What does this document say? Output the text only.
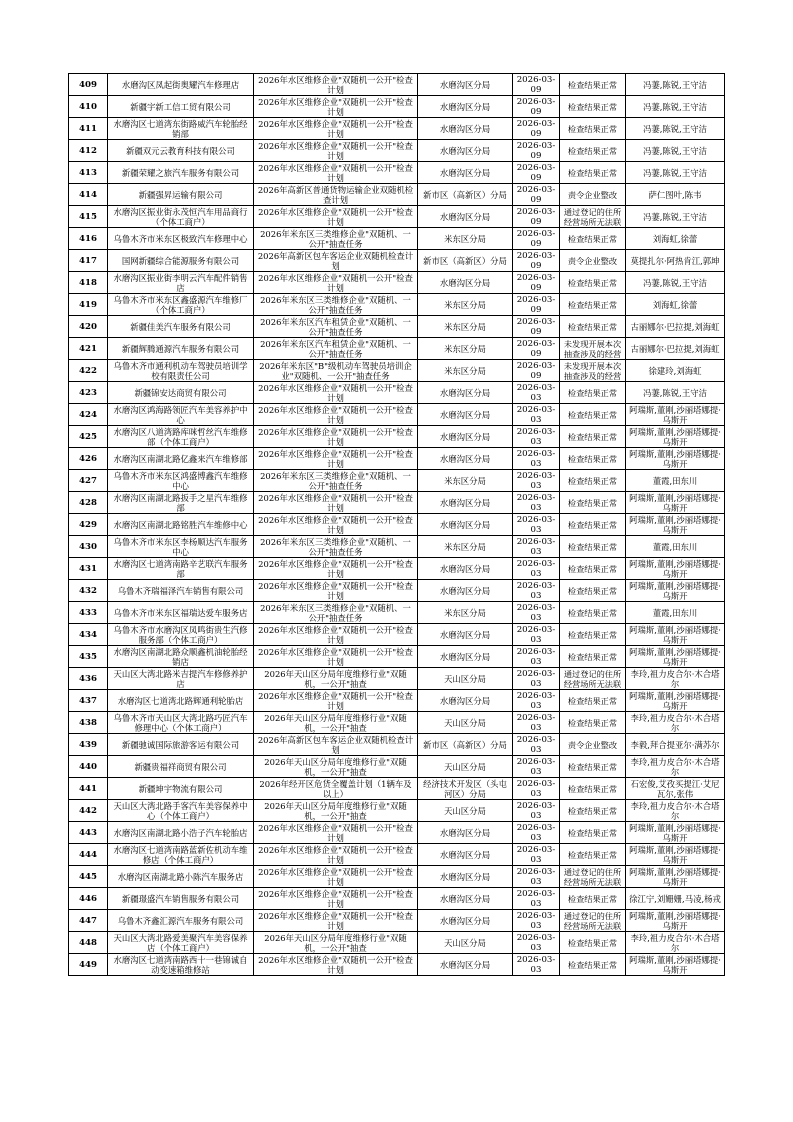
409	水磨沟区凤起街奥耀汽车修理店	2026年水区维修企业"双随机一公开"检查计划	水磨沟区分局	2026-03-09	检查结果正常	冯萋,陈锐,王守洁
410	新疆宇新工信工贸有限公司	2026年水区维修企业"双随机一公开"检查计划	水磨沟区分局	2026-03-09	检查结果正常	冯萋,陈锐,王守洁
411	水磨沟区七道湾东街路威汽车轮胎经销部	2026年水区维修企业"双随机一公开"检查计划	水磨沟区分局	2026-03-09	检查结果正常	冯萋,陈锐,王守洁
412	新疆双元云教育科技有限公司	2026年水区维修企业"双随机一公开"检查计划	水磨沟区分局	2026-03-09	检查结果正常	冯萋,陈锐,王守洁
413	新疆荣耀之旅汽车服务有限公司	2026年水区维修企业"双随机一公开"检查计划	水磨沟区分局	2026-03-09	检查结果正常	冯萋,陈锐,王守洁
414	新疆强昇运输有限公司	2026年高新区普通货物运输企业双随机检查计划	新市区（高新区）分局	2026-03-09	责令企业整改	萨仁图叶,陈韦
415	水磨沟区振业街永茂恒汽车用品商行（个体工商户）	2026年水区维修企业"双随机一公开"检查计划	水磨沟区分局	2026-03-09	通过登记的住所经营场所无法联	冯萋,陈锐,王守洁
416	乌鲁木齐市米东区极致汽车修理中心	2026年米东区三类维修企业"双随机、一公开"抽查任务	米东区分局	2026-03-09	检查结果正常	刘海虹,徐蕾
417	国网新疆综合能源服务有限公司	2026年高新区包车客运企业双随机检查计划	新市区（高新区）分局	2026-03-09	责令企业整改	莫提扎尔·阿热肯江,郭坤
418	水磨沟区振业街李明云汽车配件销售店	2026年水区维修企业"双随机一公开"检查计划	水磨沟区分局	2026-03-09	检查结果正常	冯萋,陈锐,王守洁
419	乌鲁木齐市米东区鑫盛源汽车维修厂（个体工商户）	2026年米东区三类维修企业"双随机、一公开"抽查任务	米东区分局	2026-03-09	检查结果正常	刘海虹,徐蕾
420	新疆佳美汽车服务有限公司	2026年米东区汽车租赁企业"双随机、一公开"抽查任务	米东区分局	2026-03-09	检查结果正常	古丽娜尔·巴拉提,刘海虹
421	新疆辉腾通源汽车服务有限公司	2026年米东区汽车租赁企业"双随机、一公开"抽查任务	米东区分局	2026-03-09	未发现开展本次抽查涉及的经营	古丽娜尔·巴拉提,刘海虹
422	乌鲁木齐市通利机动车驾驶员培训学校有限责任公司	2026年米东区"B"级机动车驾驶员培训企业"双随机、一公开"抽查任务	米东区分局	2026-03-09	未发现开展本次抽查涉及的经营	徐建玲,刘海虹
423	新疆锦安达商贸有限公司	2026年水区维修企业"双随机一公开"检查计划	水磨沟区分局	2026-03-03	检查结果正常	冯萋,陈锐,王守洁
424	水磨沟区鸿海路领匠汽车美容养护中心	2026年水区维修企业"双随机一公开"检查计划	水磨沟区分局	2026-03-03	检查结果正常	阿瑞斯,董刚,沙丽塔娜提·乌斯开
425	水磨沟区八道湾路库咪哲丝汽车维修部（个体工商户）	2026年水区维修企业"双随机一公开"检查计划	水磨沟区分局	2026-03-03	检查结果正常	阿瑞斯,董刚,沙丽塔娜提·乌斯开
426	水磨沟区南湖北路亿鑫来汽车维修部	2026年水区维修企业"双随机一公开"检查计划	水磨沟区分局	2026-03-03	检查结果正常	阿瑞斯,董刚,沙丽塔娜提·乌斯开
427	乌鲁木齐市米东区鸿盛博鑫汽车维修中心	2026年米东区三类维修企业"双随机、一公开"抽查任务	米东区分局	2026-03-03	检查结果正常	董霞,田东川
428	水磨沟区南湖北路扳手之星汽车维修部	2026年水区维修企业"双随机一公开"检查计划	水磨沟区分局	2026-03-03	检查结果正常	阿瑞斯,董刚,沙丽塔娜提·乌斯开
429	水磨沟区南湖北路铭胜汽车维修中心	2026年水区维修企业"双随机一公开"检查计划	水磨沟区分局	2026-03-03	检查结果正常	阿瑞斯,董刚,沙丽塔娜提·乌斯开
430	乌鲁木齐市米东区李杨顺达汽车服务中心	2026年米东区三类维修企业"双随机、一公开"抽查任务	米东区分局	2026-03-03	检查结果正常	董霞,田东川
431	水磨沟区七道湾南路辛艺联汽车服务部	2026年水区维修企业"双随机一公开"检查计划	水磨沟区分局	2026-03-03	检查结果正常	阿瑞斯,董刚,沙丽塔娜提·乌斯开
432	乌鲁木齐瑞福泽汽车销售有限公司	2026年水区维修企业"双随机一公开"检查计划	水磨沟区分局	2026-03-03	检查结果正常	阿瑞斯,董刚,沙丽塔娜提·乌斯开
433	乌鲁木齐市米东区福瑞达爱车服务店	2026年米东区三类维修企业"双随机、一公开"抽查任务	米东区分局	2026-03-03	检查结果正常	董霞,田东川
434	乌鲁木齐市水磨沟区凤鸣街贵生汽修服务部（个体工商户）	2026年水区维修企业"双随机一公开"检查计划	水磨沟区分局	2026-03-03	检查结果正常	阿瑞斯,董刚,沙丽塔娜提·乌斯开
435	水磨沟区南湖北路众顺鑫机油轮胎经销店	2026年水区维修企业"双随机一公开"检查计划	水磨沟区分局	2026-03-03	检查结果正常	阿瑞斯,董刚,沙丽塔娜提·乌斯开
436	天山区大湾北路米吉提汽车修修养护店	2026年天山区分局年度维修行业"双随机，一公开"抽查	天山区分局	2026-03-03	通过登记的住所经营场所无法联	李玲,祖力皮合尔·木合塔尔
437	水磨沟区七道湾北路辉通利轮胎店	2026年水区维修企业"双随机一公开"检查计划	水磨沟区分局	2026-03-03	检查结果正常	阿瑞斯,董刚,沙丽塔娜提·乌斯开
438	乌鲁木齐市天山区大湾北路巧匠汽车修理中心（个体工商户）	2026年天山区分局年度维修行业"双随机，一公开"抽查	天山区分局	2026-03-03	检查结果正常	李玲,祖力皮合尔·木合塔尔
439	新疆驰诚国际旅游客运有限公司	2026年高新区包车客运企业双随机检查计划	新市区（高新区）分局	2026-03-03	责令企业整改	李毅,拜合提亚尔·满苏尔
440	新疆贵福祥商贸有限公司	2026年天山区分局年度维修行业"双随机，一公开"抽查	天山区分局	2026-03-03	检查结果正常	李玲,祖力皮合尔·木合塔尔
441	新疆坤宇物流有限公司	2026年经开区危货全覆盖计划（1辆车及以上）	经济技术开发区（头屯河区）分局	2026-03-03	检查结果正常	石宏俊,艾孜买提江·艾尼瓦尔,张伟
442	天山区大湾北路手客汽车美容保养中心（个体工商户）	2026年天山区分局年度维修行业"双随机，一公开"抽查	天山区分局	2026-03-03	检查结果正常	李玲,祖力皮合尔·木合塔尔
443	水磨沟区南湖北路小浩子汽车轮胎店	2026年水区维修企业"双随机一公开"检查计划	水磨沟区分局	2026-03-03	检查结果正常	阿瑞斯,董刚,沙丽塔娜提·乌斯开
444	水磨沟区七道湾南路蓝新佐机动车维修店（个体工商户）	2026年水区维修企业"双随机一公开"检查计划	水磨沟区分局	2026-03-03	检查结果正常	阿瑞斯,董刚,沙丽塔娜提·乌斯开
445	水磨沟区南湖北路小陈汽车服务店	2026年水区维修企业"双随机一公开"检查计划	水磨沟区分局	2026-03-03	通过登记的住所经营场所无法联	阿瑞斯,董刚,沙丽塔娜提·乌斯开
446	新疆璟盛汽车销售服务有限公司	2026年水区维修企业"双随机一公开"检查计划	水磨沟区分局	2026-03-03	检查结果正常	徐江宁,刘姗姗,马凌,杨戎
447	乌鲁木齐鑫汇源汽车服务有限公司	2026年水区维修企业"双随机一公开"检查计划	水磨沟区分局	2026-03-03	通过登记的住所经营场所无法联	阿瑞斯,董刚,沙丽塔娜提·乌斯开
448	天山区大湾北路爱美聚汽车美容保养店（个体工商户）	2026年天山区分局年度维修行业"双随机，一公开"抽查	天山区分局	2026-03-03	检查结果正常	李玲,祖力皮合尔·木合塔尔
449	水磨沟区七道湾南路西十一巷锦诚自动变速箱维修站	2026年水区维修企业"双随机一公开"检查计划	水磨沟区分局	2026-03-03	检查结果正常	阿瑞斯,董刚,沙丽塔娜提·乌斯开
